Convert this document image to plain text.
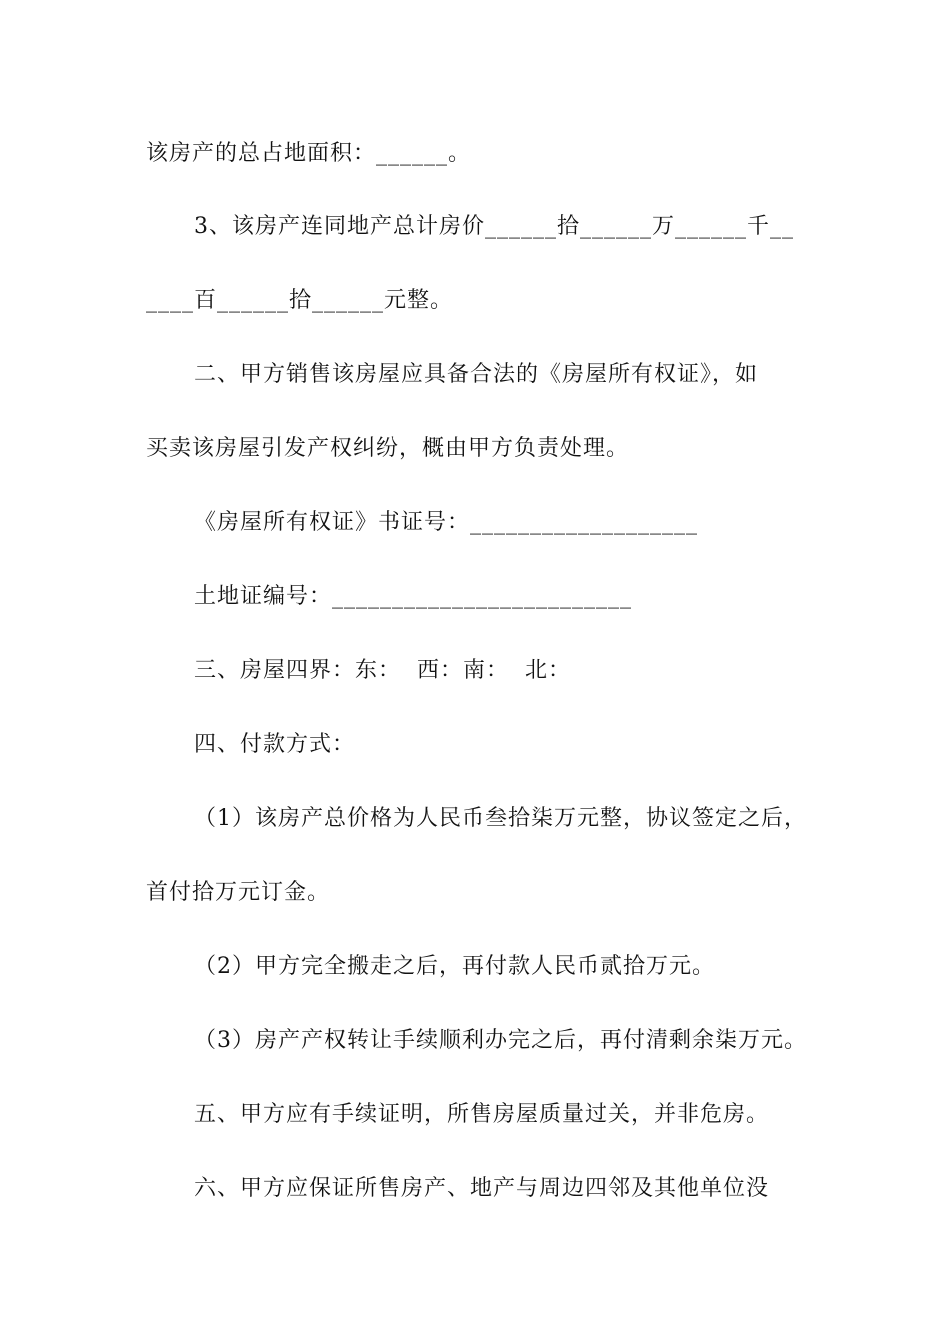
该房产的总占地面积：______。
3、该房产连同地产总计房价______拾______万______千__
____百______拾______元整。
二、甲方销售该房屋应具备合法的《房屋所有权证》，如
买卖该房屋引发产权纠纷，概由甲方负责处理。
《房屋所有权证》书证号：___________________
土地证编号：_________________________
三、房屋四界：东：  西：南：  北：
四、付款方式：
（1）该房产总价格为人民币叁拾柒万元整，协议签定之后，
首付拾万元订金。
（2）甲方完全搬走之后，再付款人民币贰拾万元。
（3）房产产权转让手续顺利办完之后，再付清剩余柒万元。
五、甲方应有手续证明，所售房屋质量过关，并非危房。
六、甲方应保证所售房产、地产与周边四邻及其他单位没
